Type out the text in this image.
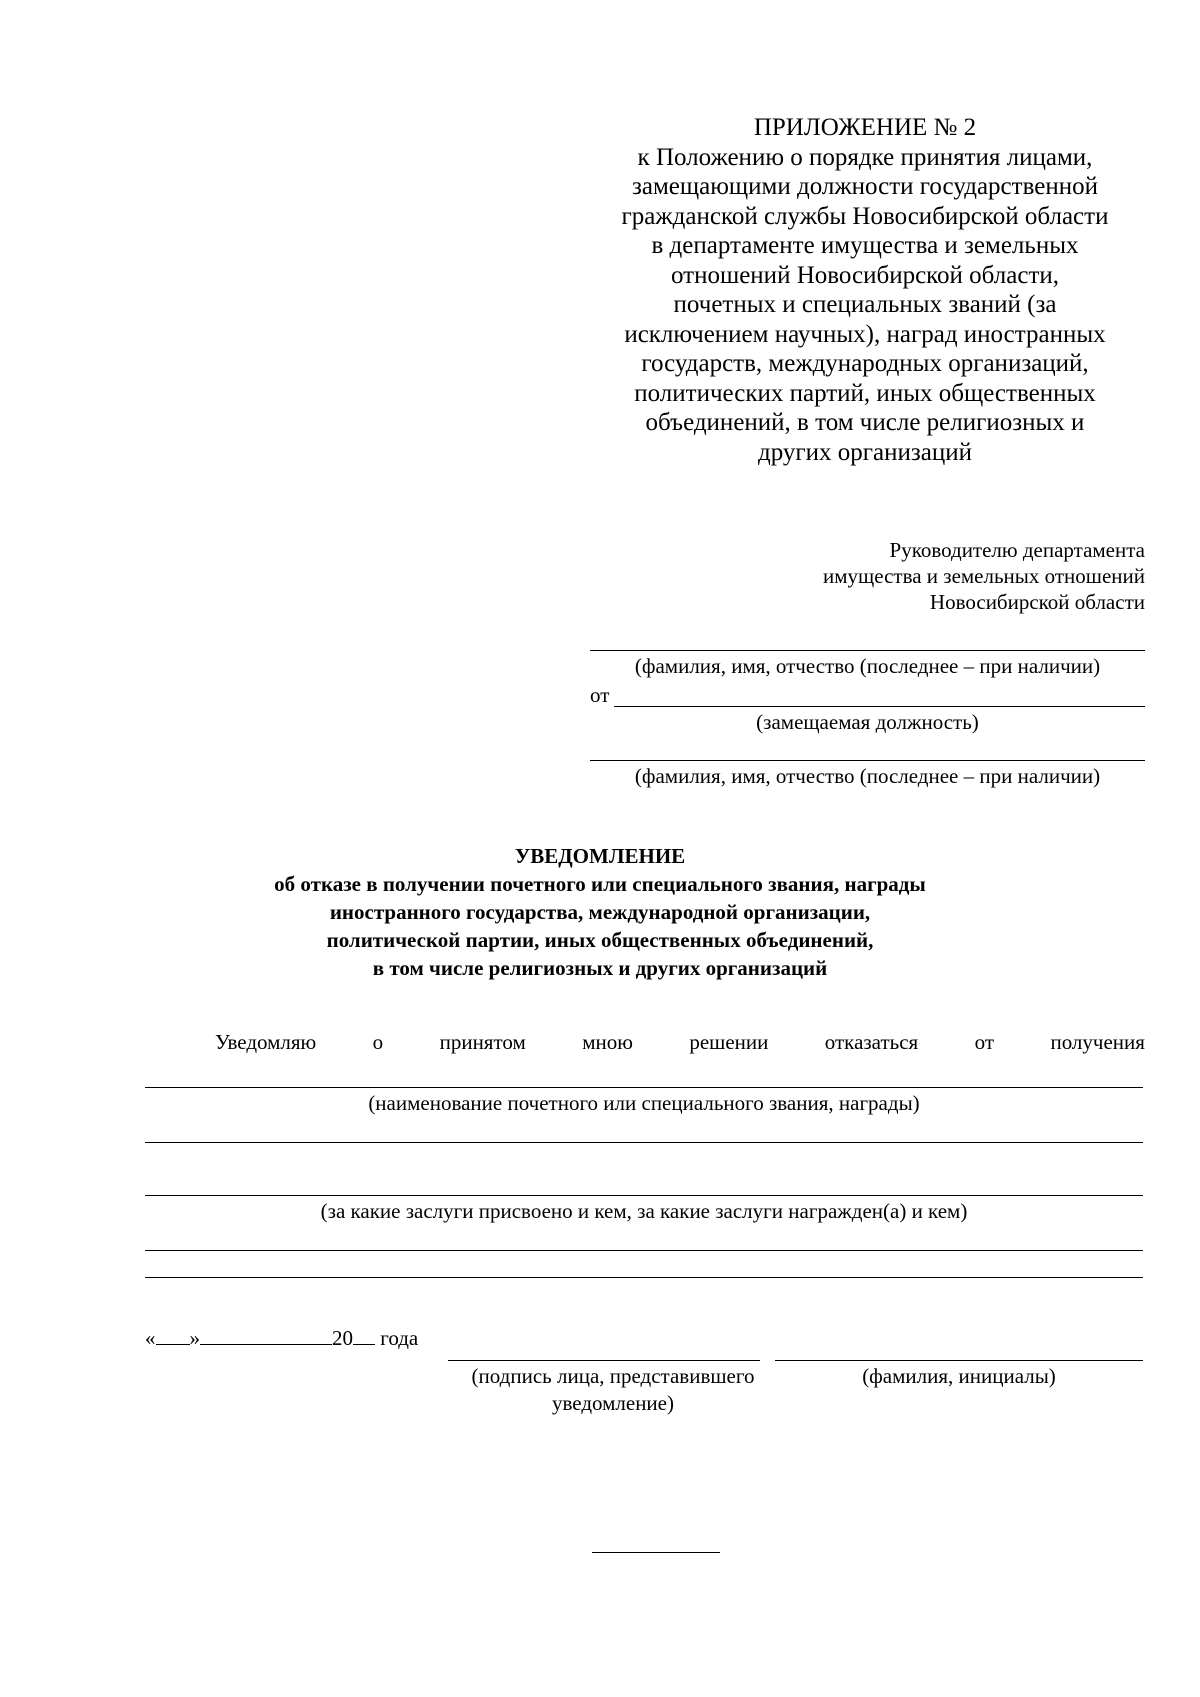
ПРИЛОЖЕНИЕ № 2
к Положению о порядке принятия лицами,
замещающими должности государственной
гражданской службы Новосибирской области
в департаменте имущества и земельных
отношений Новосибирской области,
почетных и специальных званий (за
исключением научных), наград иностранных
государств, международных организаций,
политических партий, иных общественных
объединений, в том числе религиозных и
других организаций
Руководителю департамента
имущества и земельных отношений
Новосибирской области
(фамилия, имя, отчество (последнее – при наличии)
от
(замещаемая должность)
(фамилия, имя, отчество (последнее – при наличии)
УВЕДОМЛЕНИЕ
об отказе в получении почетного или специального звания, награды
иностранного государства, международной организации,
политической партии, иных общественных объединений,
в том числе религиозных и других организаций
Уведомляю	о	принятом	мною	решении	отказаться	от	получения
(наименование почетного или специального звания, награды)
(за какие заслуги присвоено и кем, за какие заслуги награжден(а) и кем)
« »	20 года
(подпись лица, представившего
уведомление)
(фамилия, инициалы)
